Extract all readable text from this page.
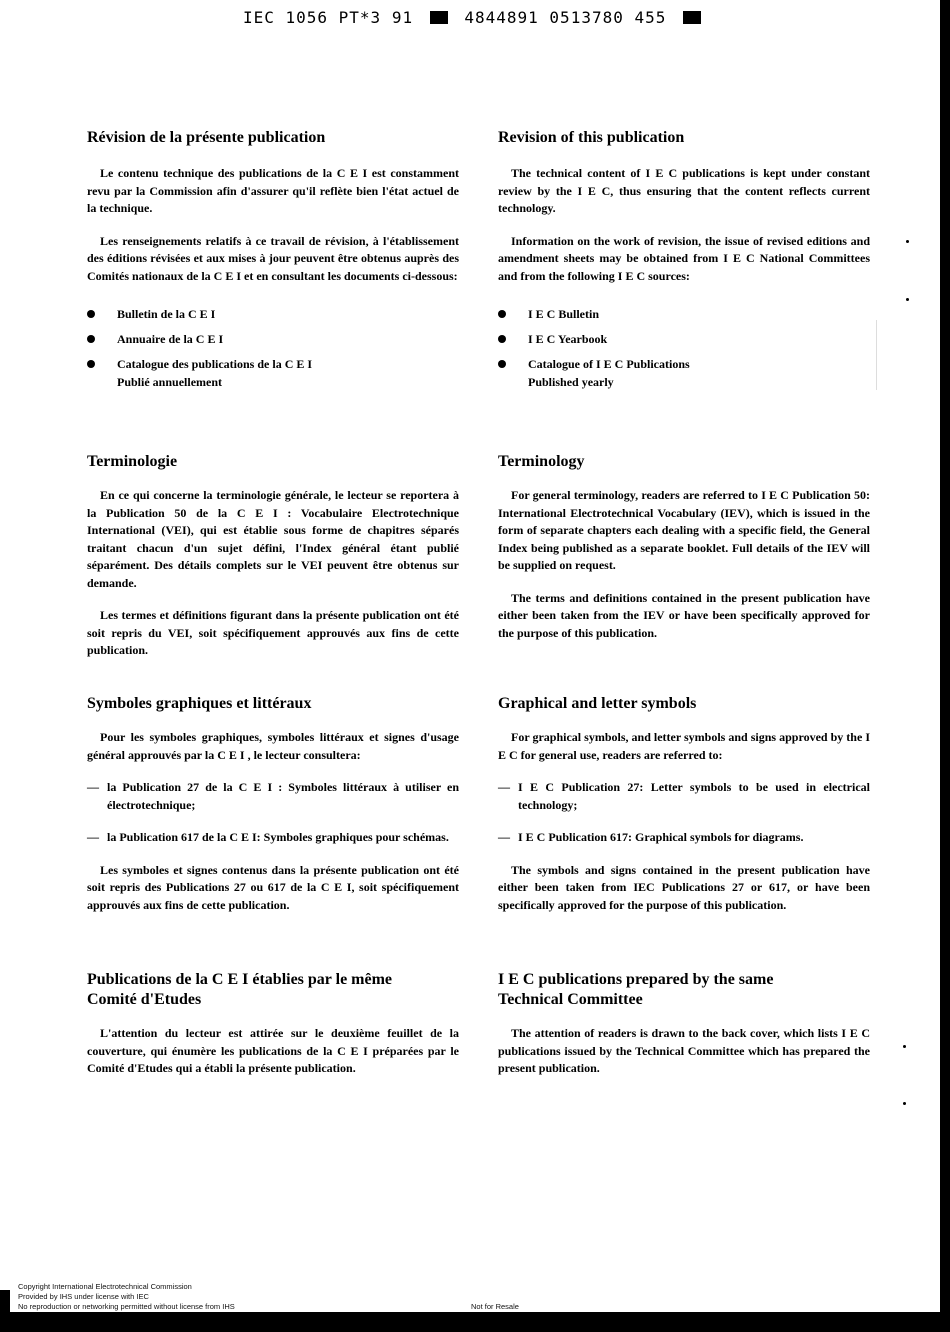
IEC 1056 PT*3 91	4844891 0513780 455
Révision de la présente publication

Le contenu technique des publications de la C E I est constamment revu par la Commission afin d'assurer qu'il reflète bien l'état actuel de la technique.

Les renseignements relatifs à ce travail de révision, à l'établissement des éditions révisées et aux mises à jour peuvent être obtenus auprès des Comités nationaux de la C E I et en consultant les documents ci-dessous:

Bulletin de la C E I
Annuaire de la C E I
Catalogue des publications de la C E I
Publié annuellement
Terminologie

En ce qui concerne la terminologie générale, le lecteur se reportera à la Publication 50 de la C E I : Vocabulaire Electrotechnique International (VEI), qui est établie sous forme de chapitres séparés traitant chacun d'un sujet défini, l'Index général étant publié séparément. Des détails complets sur le VEI peuvent être obtenus sur demande.

Les termes et définitions figurant dans la présente publication ont été soit repris du VEI, soit spécifiquement approuvés aux fins de cette publication.

Symboles graphiques et littéraux

Pour les symboles graphiques, symboles littéraux et signes d'usage général approuvés par la C E I , le lecteur consultera:

— la Publication 27 de la C E I : Symboles littéraux à utiliser en électrotechnique;
— la Publication 617 de la C E I: Symboles graphiques pour schémas.

Les symboles et signes contenus dans la présente publication ont été soit repris des Publications 27 ou 617 de la C E I, soit spécifiquement approuvés aux fins de cette publication.

Publications de la C E I établies par le même
Comité d'Etudes

L'attention du lecteur est attirée sur le deuxième feuillet de la couverture, qui énumère les publications de la C E I préparées par le Comité d'Etudes qui a établi la présente publication.

Revision of this publication

The technical content of I E C publications is kept under constant review by the I E C, thus ensuring that the content reflects current technology.

Information on the work of revision, the issue of revised editions and amendment sheets may be obtained from I E C National Committees and from the following I E C sources:

I E C Bulletin
I E C Yearbook
Catalogue of I E C Publications
Published yearly
Terminology

For general terminology, readers are referred to I E C Publication 50: International Electrotechnical Vocabulary (IEV), which is issued in the form of separate chapters each dealing with a specific field, the General Index being published as a separate booklet. Full details of the IEV will be supplied on request.

The terms and definitions contained in the present publication have either been taken from the IEV or have been specifically approved for the purpose of this publication.

Graphical and letter symbols

For graphical symbols, and letter symbols and signs approved by the I E C for general use, readers are referred to:

— I E C Publication 27: Letter symbols to be used in electrical technology;
— I E C Publication 617: Graphical symbols for diagrams.

The symbols and signs contained in the present publication have either been taken from IEC Publications 27 or 617, or have been specifically approved for the purpose of this publication.

I E C publications prepared by the same
Technical Committee

The attention of readers is drawn to the back cover, which lists I E C publications issued by the Technical Committee which has prepared the present publication.

Copyright International Electrotechnical Commission
Provided by IHS under license with IEC
No reproduction or networking permitted without license from IHS	Not for Resale
